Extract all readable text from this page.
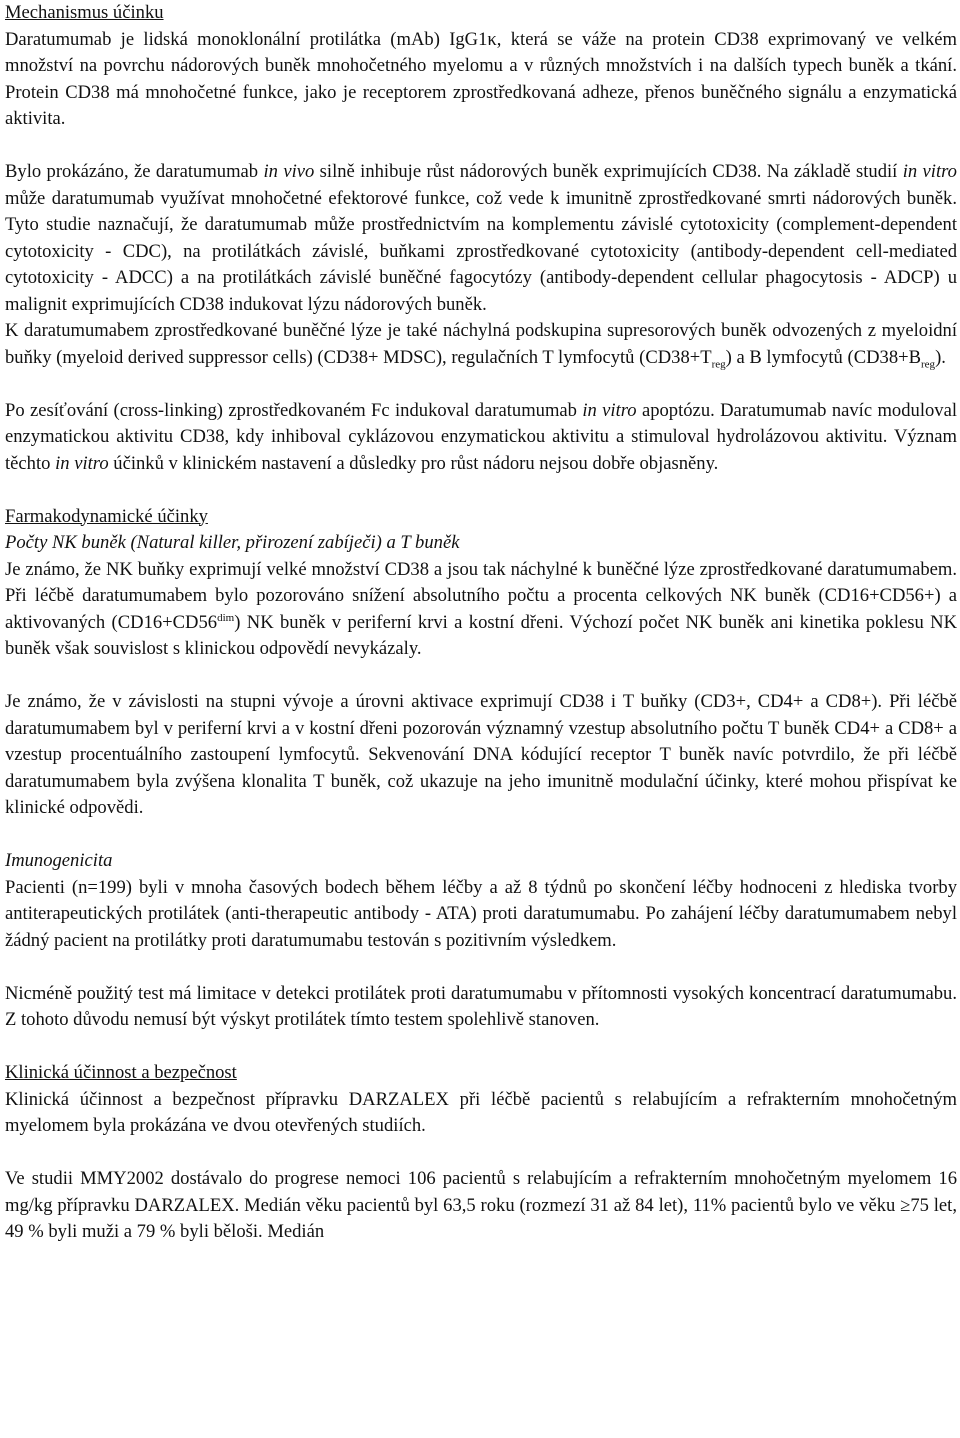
Mechanismus účinku

Daratumumab je lidská monoklonální protilátka (mAb) IgG1κ, která se váže na protein CD38 exprimovaný ve velkém množství na povrchu nádorových buněk mnohočetného myelomu a v různých množstvích i na dalších typech buněk a tkání. Protein CD38 má mnohočetné funkce, jako je receptorem zprostředkovaná adheze, přenos buněčného signálu a enzymatická aktivita.

Bylo prokázáno, že daratumumab in vivo silně inhibuje růst nádorových buněk exprimujících CD38. Na základě studií in vitro může daratumumab využívat mnohočetné efektorové funkce, což vede k imunitně zprostředkované smrti nádorových buněk. Tyto studie naznačují, že daratumumab může prostřednictvím na komplementu závislé cytotoxicity (complement-dependent cytotoxicity - CDC), na protilátkách závislé, buňkami zprostředkované cytotoxicity (antibody-dependent cell-mediated cytotoxicity - ADCC) a na protilátkách závislé buněčné fagocytózy (antibody-dependent cellular phagocytosis - ADCP) u malignit exprimujících CD38 indukovat lýzu nádorových buněk.

K daratumumabem zprostředkované buněčné lýze je také náchylná podskupina supresorových buněk odvozených z myeloidní buňky (myeloid derived suppressor cells) (CD38+ MDSC), regulačních T lymfocytů $(CD38+T_{reg})$ a B lymfocytů $(CD38+B_{reg})$.

Po zesíťování (cross-linking) zprostředkovaném Fc indukoval daratumumab in vitro apoptózu. Daratumumab navíc moduloval enzymatickou aktivitu CD38, kdy inhiboval cyklázovou enzymatickou aktivitu a stimuloval hydrolázovou aktivitu. Význam těchto in vitro účinků v klinickém nastavení a důsledky pro růst nádoru nejsou dobře objasněny.

Farmakodynamické účinky

Počty NK buněk (Natural killer, přirození zabíječi) a T buněk

Je známo, že NK buňky exprimují velké množství CD38 a jsou tak náchylné k buněčné lýze zprostředkované daratumumabem. Při léčbě daratumumabem bylo pozorováno snížení absolutního počtu a procenta celkových NK buněk (CD16+CD56+) a aktivovaných $(CD16+CD56^{dim})$ NK buněk v periferní krvi a kostní dřeni. Výchozí počet NK buněk ani kinetika poklesu NK buněk však souvislost s klinickou odpovědí nevykázaly.

Je známo, že v závislosti na stupni vývoje a úrovni aktivace exprimují CD38 i T buňky (CD3+, CD4+ a CD8+). Při léčbě daratumumabem byl v periferní krvi a v kostní dřeni pozorován významný vzestup absolutního počtu T buněk CD4+ a CD8+ a vzestup procentuálního zastoupení lymfocytů. Sekvenování DNA kódující receptor T buněk navíc potvrdilo, že při léčbě daratumumabem byla zvýšena klonalita T buněk, což ukazuje na jeho imunitně modulační účinky, které mohou přispívat ke klinické odpovědi.

Imunogenicita

Pacienti (n=199) byli v mnoha časových bodech během léčby a až 8 týdnů po skončení léčby hodnoceni z hlediska tvorby antiterapeutických protilátek (anti-therapeutic antibody - ATA) proti daratumumabu. Po zahájení léčby daratumumabem nebyl žádný pacient na protilátky proti daratumumabu testován s pozitivním výsledkem.

Nicméně použitý test má limitace v detekci protilátek proti daratumumabu v přítomnosti vysokých koncentrací daratumumabu. Z tohoto důvodu nemusí být výskyt protilátek tímto testem spolehlivě stanoven.

Klinická účinnost a bezpečnost

Klinická účinnost a bezpečnost přípravku DARZALEX při léčbě pacientů s relabujícím a refrakterním mnohočetným myelomem byla prokázána ve dvou otevřených studiích.

Ve studii MMY2002 dostávalo do progrese nemoci 106 pacientů s relabujícím a refrakterním mnohočetným myelomem 16 mg/kg přípravku DARZALEX. Medián věku pacientů byl 63,5 roku (rozmezí 31 až 84 let), 11% pacientů bylo ve věku ≥75 let, 49 % byli muži a 79 % byli běloši. Medián
